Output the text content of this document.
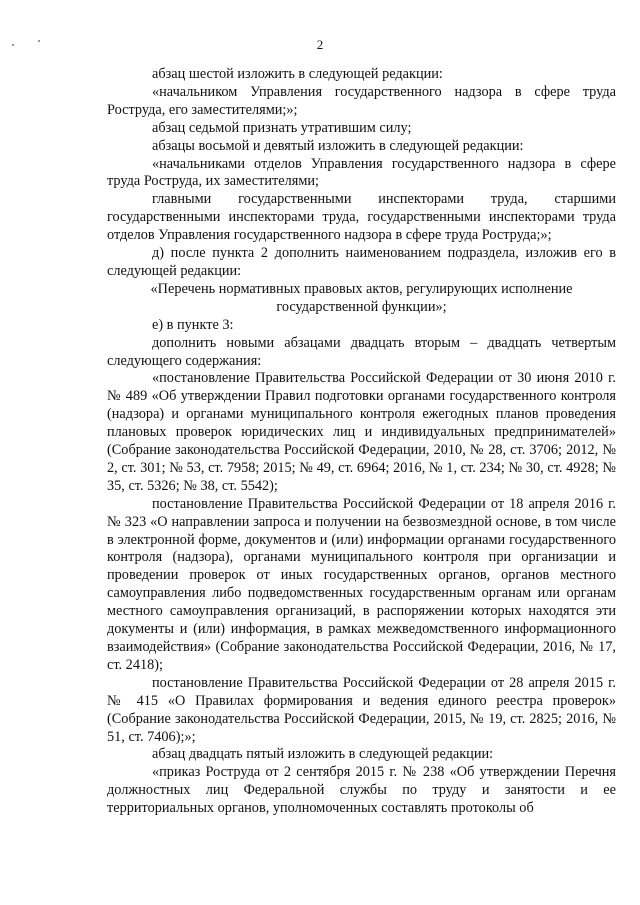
2

абзац шестой изложить в следующей редакции:

«начальником Управления государственного надзора в сфере труда Роструда, его заместителями;»;

абзац седьмой признать утратившим силу;

абзацы восьмой и девятый изложить в следующей редакции:

«начальниками отделов Управления государственного надзора в сфере труда Роструда, их заместителями;

главными государственными инспекторами труда, старшими государственными инспекторами труда, государственными инспекторами труда отделов Управления государственного надзора в сфере труда Роструда;»;

д) после пункта 2 дополнить наименованием подраздела, изложив его в следующей редакции:

«Перечень нормативных правовых актов, регулирующих исполнение государственной функции»;

е) в пункте 3:

дополнить новыми абзацами двадцать вторым – двадцать четвертым следующего содержания:

«постановление Правительства Российской Федерации от 30 июня 2010 г. № 489 «Об утверждении Правил подготовки органами государственного контроля (надзора) и органами муниципального контроля ежегодных планов проведения плановых проверок юридических лиц и индивидуальных предпринимателей» (Собрание законодательства Российской Федерации, 2010, № 28, ст. 3706; 2012, № 2, ст. 301; № 53, ст. 7958; 2015; № 49, ст. 6964; 2016, № 1, ст. 234; № 30, ст. 4928; № 35, ст. 5326; № 38, ст. 5542);

постановление Правительства Российской Федерации от 18 апреля 2016 г. № 323 «О направлении запроса и получении на безвозмездной основе, в том числе в электронной форме, документов и (или) информации органами государственного контроля (надзора), органами муниципального контроля при организации и проведении проверок от иных государственных органов, органов местного самоуправления либо подведомственных государственным органам или органам местного самоуправления организаций, в распоряжении которых находятся эти документы и (или) информация, в рамках межведомственного информационного взаимодействия» (Собрание законодательства Российской Федерации, 2016, № 17, ст. 2418);

постановление Правительства Российской Федерации от 28 апреля 2015 г. № 415 «О Правилах формирования и ведения единого реестра проверок» (Собрание законодательства Российской Федерации, 2015, № 19, ст. 2825; 2016, № 51, ст. 7406);»;

абзац двадцать пятый изложить в следующей редакции:

«приказ Роструда от 2 сентября 2015 г. № 238 «Об утверждении Перечня должностных лиц Федеральной службы по труду и занятости и ее территориальных органов, уполномоченных составлять протоколы об
